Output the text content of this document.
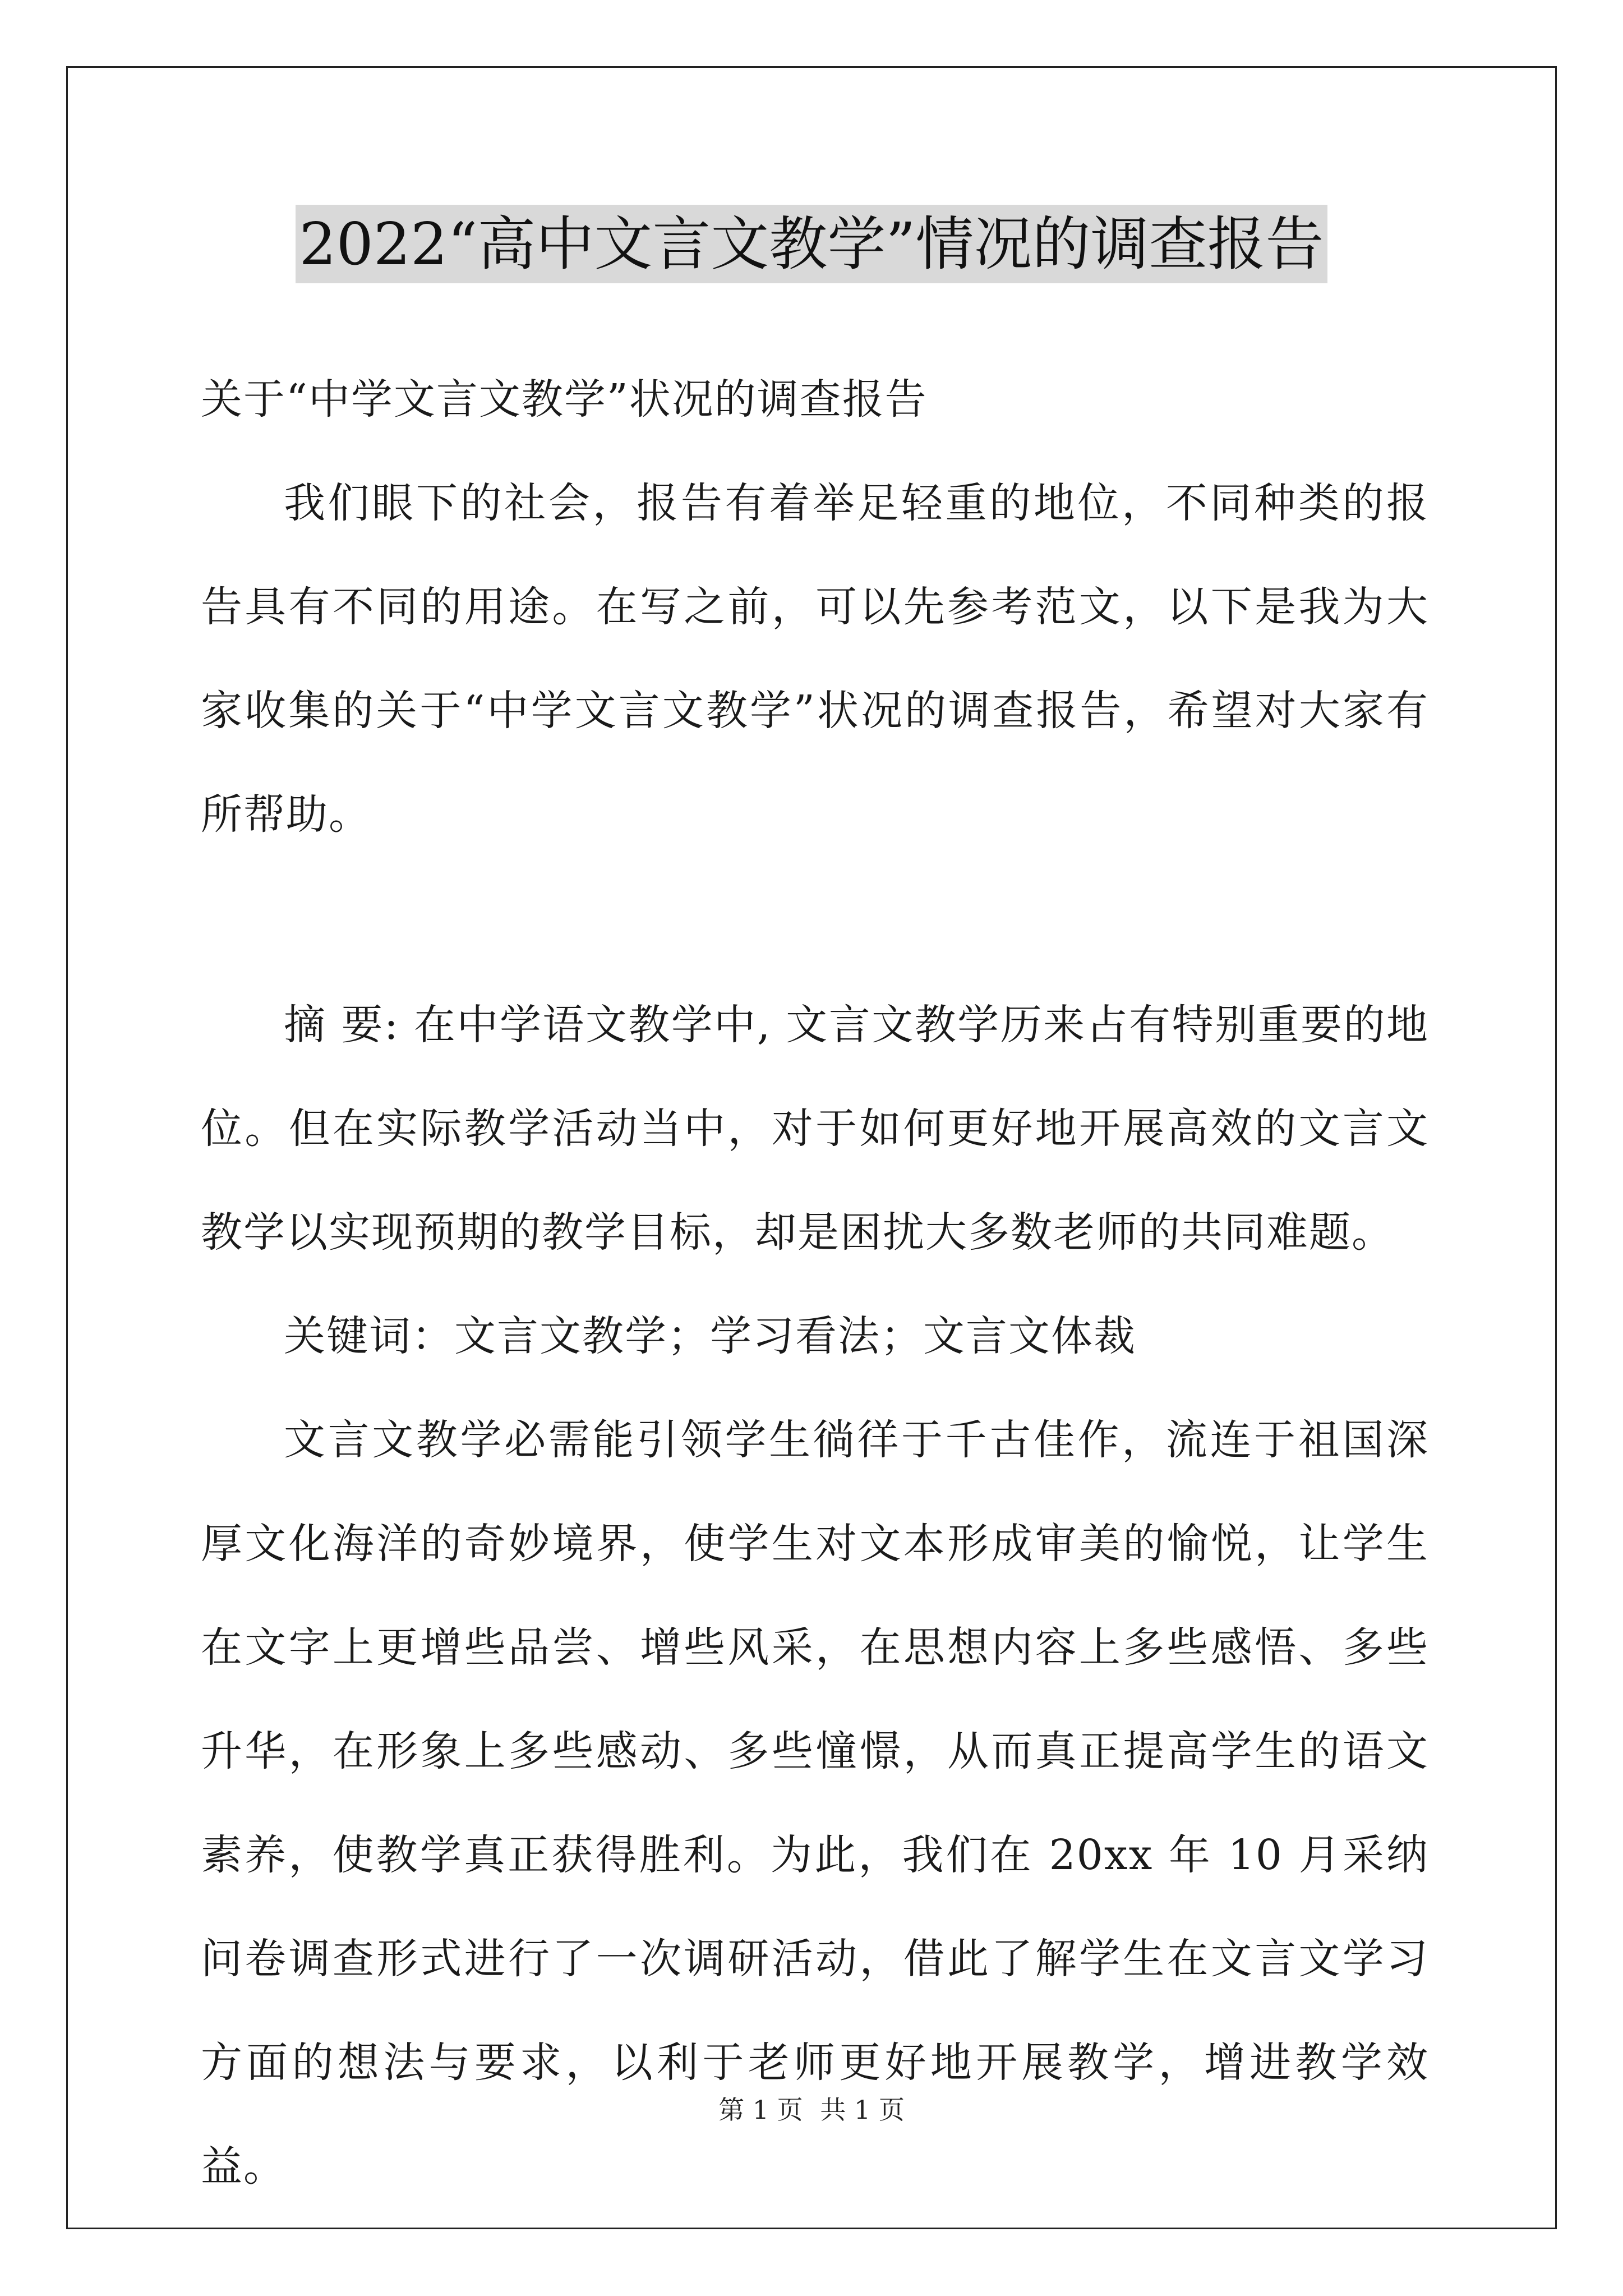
2022“高中文言文教学”情况的调查报告

关于“中学文言文教学”状况的调查报告

我们眼下的社会，报告有着举足轻重的地位，不同种类的报告具有不同的用途。在写之前，可以先参考范文，以下是我为大家收集的关于“中学文言文教学”状况的调查报告，希望对大家有所帮助。

摘 要: 在中学语文教学中, 文言文教学历来占有特别重要的地位。但在实际教学活动当中，对于如何更好地开展高效的文言文教学以实现预期的教学目标，却是困扰大多数老师的共同难题。

关键词：文言文教学；学习看法；文言文体裁

文言文教学必需能引领学生徜徉于千古佳作，流连于祖国深厚文化海洋的奇妙境界，使学生对文本形成审美的愉悦，让学生在文字上更增些品尝、增些风采，在思想内容上多些感悟、多些升华，在形象上多些感动、多些憧憬，从而真正提高学生的语文素养，使教学真正获得胜利。为此，我们在 20xx 年 10 月采纳问卷调查形式进行了一次调研活动，借此了解学生在文言文学习方面的想法与要求，以利于老师更好地开展教学，增进教学效益。

第 1 页 共 1 页
